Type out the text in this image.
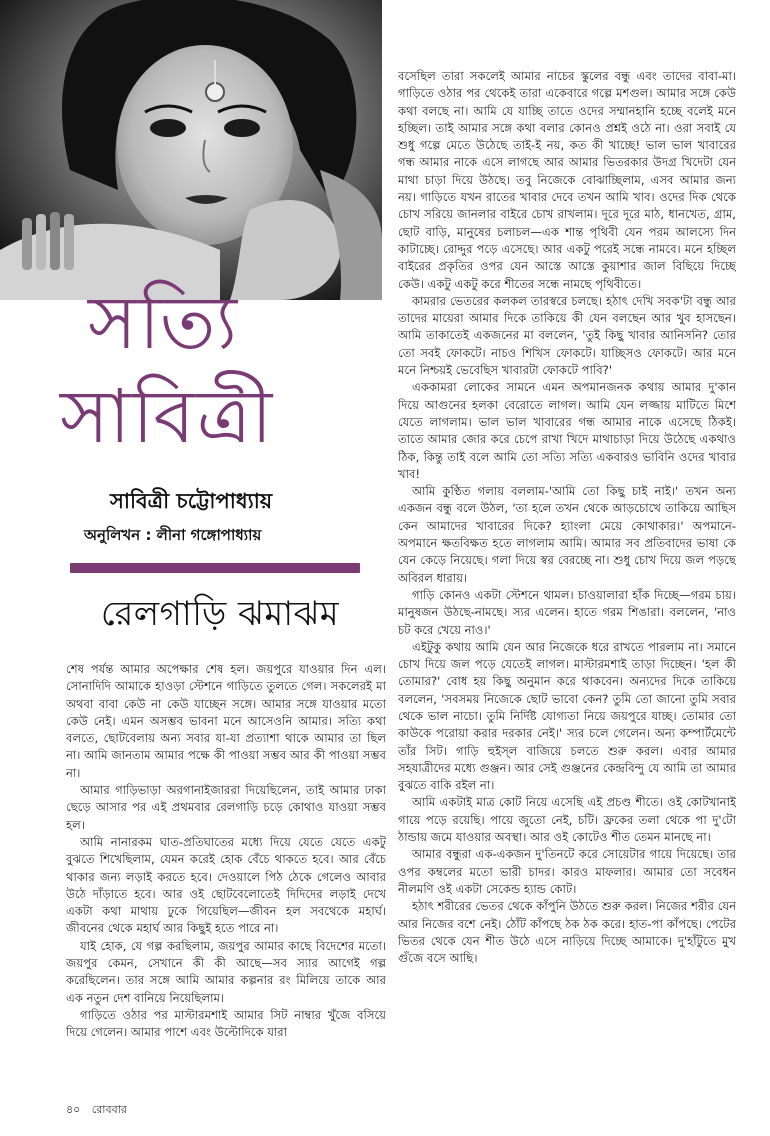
সত্যি
সাবিত্রী
সাবিত্রী চট্টোপাধ্যায়
অনুলিখন : লীনা গঙ্গোপাধ্যায়
রেলগাড়ি ঝমাঝম

শেষ পর্যন্ত আমার অপেক্ষার শেষ হল। জয়পুরে যাওয়ার দিন এল। সোনাদিদি আমাকে হাওড়া স্টেশনে গাড়িতে তুলতে গেল। সকলেরই মা অথবা বাবা কেউ না কেউ যাচ্ছেন সঙ্গে। আমার সঙ্গে যাওয়ার মতো কেউ নেই। এমন অসম্ভব ভাবনা মনে আসেওনি আমার। সত্যি কথা বলতে, ছোটবেলায় অন্য সবার যা-যা প্রত্যাশা থাকে আমার তা ছিল না। আমি জানতাম আমার পক্ষে কী পাওয়া সম্ভব আর কী পাওয়া সম্ভব না।

আমার গাড়িভাড়া অরগানাইজাররা দিয়েছিলেন, তাই আমার ঢাকা ছেড়ে আসার পর এই প্রথমবার রেলগাড়ি চড়ে কোথাও যাওয়া সম্ভব হল।

আমি নানারকম ঘাত-প্রতিঘাতের মধ্যে দিয়ে যেতে যেতে একটু বুঝতে শিখেছিলাম, যেমন করেই হোক বেঁচে থাকতে হবে। আর বেঁচে থাকার জন্য লড়াই করতে হবে। দেওয়ালে পিঠ ঠেকে গেলেও আবার উঠে দাঁড়াতে হবে। আর ওই ছোটবেলোতেই দিদিদের লড়াই দেখে একটা কথা মাথায় ঢুকে গিয়েছিল—জীবন হল সবথেকে মহার্ঘ। জীবনের থেকে মহার্ঘ আর কিছুই হতে পারে না।

যাই হোক, যে গল্প করছিলাম, জয়পুর আমার কাছে বিদেশের মতো। জয়পুর কেমন, সেখানে কী কী আছে—সব স্যার আগেই গল্প করেছিলেন। তার সঙ্গে আমি আমার কল্পনার রং মিলিয়ে তাকে আর এক নতুন দেশ বানিয়ে নিয়েছিলাম।

গাড়িতে ওঠার পর মাস্টারমশাই আমার সিট নাম্বার খুঁজে বসিয়ে দিয়ে গেলেন। আমার পাশে এবং উল্টোদিকে যারা

বসেছিল তারা সকলেই আমার নাচের স্কুলের বন্ধু এবং তাদের বাবা-মা। গাড়িতে ওঠার পর থেকেই তারা একেবারে গল্পে মশগুল। আমার সঙ্গে কেউ কথা বলছে না। আমি যে যাচ্ছি তাতে ওদের সম্মানহানি হচ্ছে বলেই মনে হচ্ছিল। তাই আমার সঙ্গে কথা বলার কোনও প্রশ্নই ওঠে না। ওরা সবাই যে শুধু গল্পে মেতে উঠেছে তাই-ই নয়, কত কী খাচ্ছে! ভাল ভাল খাবারের গন্ধ আমার নাকে এসে লাগছে আর আমার ভিতরকার উদগ্র খিদেটা যেন মাথা চাড়া দিয়ে উঠছে। তবু নিজেকে বোঝাচ্ছিলাম, এসব আমার জন্য নয়। গাড়িতে যখন রাতের খাবার দেবে তখন আমি খাব। ওদের দিক থেকে চোখ সরিয়ে জানলার বাইরে চোখ রাখলাম। দূরে দূরে মাঠ, ধানখেত, গ্রাম, ছোট বাড়ি, মানুষের চলাচল—এক শান্ত পৃথিবী যেন পরম আলস্যে দিন কাটাচ্ছে। রোদ্দুর পড়ে এসেছে। আর একটু পরেই সন্ধে নামবে। মনে হচ্ছিল বাইরের প্রকৃতির ওপর যেন আস্তে আস্তে কুয়াশার জাল বিছিয়ে দিচ্ছে কেউ। একটু একটু করে শীতের সন্ধে নামছে পৃথিবীতে।

কামরার ভেতরের কলকল তারস্বরে চলছে। হঠাৎ দেখি সবক'টা বন্ধু আর তাদের মায়েরা আমার দিকে তাকিয়ে কী যেন বলছেন আর খুব হাসছেন। আমি তাকাতেই একজনের মা বললেন, 'তুই কিছু খাবার আনিসনি? তোর তো সবই ফোকটে। নাচও শিখিস ফোকটে। যাচ্ছিসও ফোকটে। আর মনে মনে নিশ্চয়ই ভেবেছিস খাবারটা ফোকটে পাবি?'

এককামরা লোকের সামনে এমন অপমানজনক কথায় আমার দু'কান দিয়ে আগুনের হলকা বেরোতে লাগল। আমি যেন লজ্জায় মাটিতে মিশে যেতে লাগলাম। ভাল ভাল খাবারের গন্ধ আমার নাকে এসেছে ঠিকই। তাতে আমার জোর করে চেপে রাখা খিদে মাথাচাড়া দিয়ে উঠেছে একথাও ঠিক, কিন্তু তাই বলে আমি তো সত্যি সত্যি একবারও ভাবিনি ওদের খাবার খাব!

আমি কুণ্ঠিত গলায় বললাম-'আমি তো কিছু চাই নাই।' তখন অন্য একজন বন্ধু বলে উঠল, 'তা হলে তখন থেকে আড়চোখে তাকিয়ে আছিস কেন আমাদের খাবারের দিকে? হ্যাংলা মেয়ে কোথাকার।' অপমানে-অপমানে ক্ষতবিক্ষত হতে লাগলাম আমি। আমার সব প্রতিবাদের ভাষা কে যেন কেড়ে নিয়েছে। গলা দিয়ে স্বর বেরচ্ছে না। শুধু চোখ দিয়ে জল পড়ছে অবিরল ধারায়।

গাড়ি কোনও একটা স্টেশনে থামল। চাওয়ালারা হাঁক দিচ্ছে—গরম চায়। মানুষজন উঠছে-নামছে। স্যর এলেন। হাতে গরম শিঙারা। বললেন, 'নাও চট করে খেয়ে নাও।'

এইটুকু কথায় আমি যেন আর নিজেকে ধরে রাখতে পারলাম না। সমানে চোখ দিয়ে জল পড়ে যেতেই লাগল। মাস্টারমশাই তাড়া দিচ্ছেন। 'হল কী তোমার?' বোধ হয় কিছু অনুমান করে থাকবেন। অন্যদের দিকে তাকিয়ে বললেন, 'সবসময় নিজেকে ছোট ভাবো কেন? তুমি তো জানো তুমি সবার থেকে ভাল নাচো। তুমি নির্দিষ্ট যোগ্যতা নিয়ে জয়পুরে যাচ্ছ। তোমার তো কাউকে পরোয়া করার দরকার নেই।' স্যর চলে গেলেন। অন্য কম্পার্টমেন্টে তাঁর সিট। গাড়ি হুইস্‌ল বাজিয়ে চলতে শুরু করল। এবার আমার সহযাত্রীদের মধ্যে গুঞ্জন। আর সেই গুঞ্জনের কেন্দ্রবিন্দু যে আমি তা আমার বুঝতে বাকি রইল না।

আমি একটাই মাত্র কোট নিয়ে এসেছি এই প্রচণ্ড শীতে। ওই কোটখানাই গায়ে পড়ে রয়েছি। পায়ে জুতো নেই, চটি। ফ্রকের তলা থেকে পা দু'টো ঠান্ডায় জমে যাওয়ার অবস্থা। আর ওই কোটেও শীত তেমন মানছে না।

আমার বন্ধুরা এক-একজন দু'তিনটে করে সোয়েটার গায়ে দিয়েছে। তার ওপর কম্বলের মতো ভারী চাদর। কারও মাফলার। আমার তো সবেধন নীলমণি ওই একটা সেকেন্ড হ্যান্ড কোট।

হঠাৎ শরীরের ভেতর থেকে কাঁপুনি উঠতে শুরু করল। নিজের শরীর যেন আর নিজের বশে নেই। ঠোঁট কাঁপছে ঠক ঠক করে। হাত-পা কাঁপছে। পেটের ভিতর থেকে যেন শীত উঠে এসে নাড়িয়ে দিচ্ছে আমাকে। দু'হাঁটুতে মুখ গুঁজে বসে আছি।

৪০ রোববার
